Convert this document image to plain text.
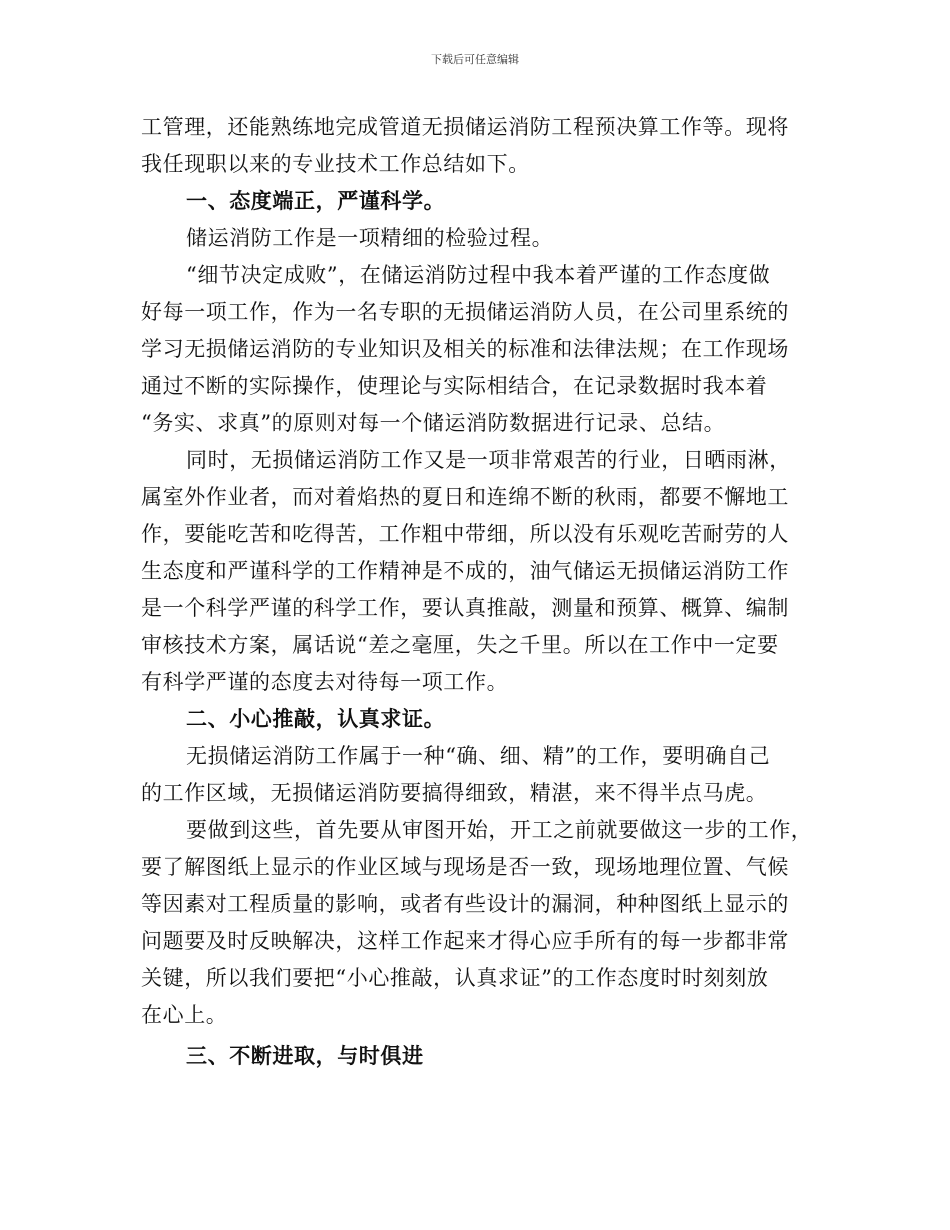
下载后可任意编辑
工管理，还能熟练地完成管道无损储运消防工程预决算工作等。现将
我任现职以来的专业技术工作总结如下。
一、态度端正，严谨科学。
储运消防工作是一项精细的检验过程。
“细节决定成败”，在储运消防过程中我本着严谨的工作态度做
好每一项工作，作为一名专职的无损储运消防人员，在公司里系统的
学习无损储运消防的专业知识及相关的标准和法律法规；在工作现场
通过不断的实际操作，使理论与实际相结合，在记录数据时我本着
“务实、求真”的原则对每一个储运消防数据进行记录、总结。
同时，无损储运消防工作又是一项非常艰苦的行业，日晒雨淋，
属室外作业者，而对着焰热的夏日和连绵不断的秋雨，都要不懈地工
作，要能吃苦和吃得苦，工作粗中带细，所以没有乐观吃苦耐劳的人
生态度和严谨科学的工作精神是不成的，油气储运无损储运消防工作
是一个科学严谨的科学工作，要认真推敲，测量和预算、概算、编制
审核技术方案，属话说“差之毫厘，失之千里。所以在工作中一定要
有科学严谨的态度去对待每一项工作。
二、小心推敲，认真求证。
无损储运消防工作属于一种“确、细、精”的工作，要明确自己
的工作区域，无损储运消防要搞得细致，精湛，来不得半点马虎。
要做到这些，首先要从审图开始，开工之前就要做这一步的工作，
要了解图纸上显示的作业区域与现场是否一致，现场地理位置、气候
等因素对工程质量的影响，或者有些设计的漏洞，种种图纸上显示的
问题要及时反映解决，这样工作起来才得心应手所有的每一步都非常
关键，所以我们要把“小心推敲，认真求证”的工作态度时时刻刻放
在心上。
三、不断进取，与时俱进
